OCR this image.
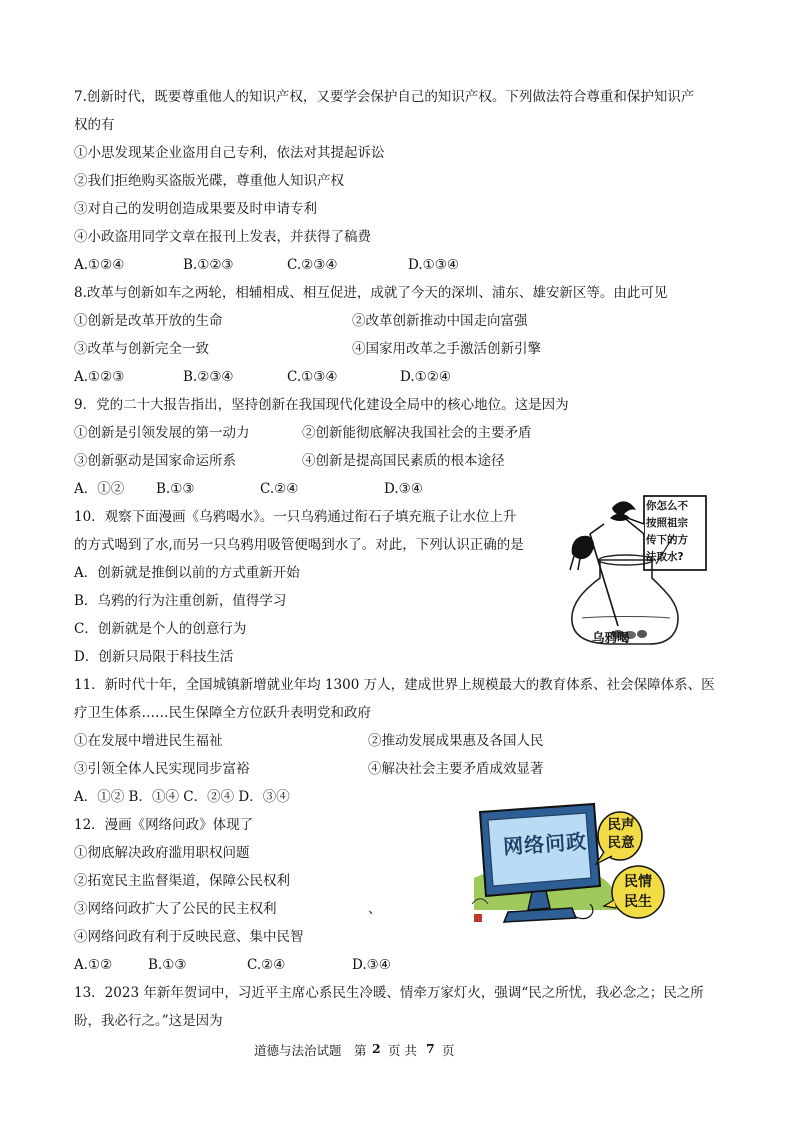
7.创新时代，既要尊重他人的知识产权，又要学会保护自己的知识产权。下列做法符合尊重和保护知识产
权的有
①小思发现某企业盗用自己专利，依法对其提起诉讼
②我们拒绝购买盗版光碟，尊重他人知识产权
③对自己的发明创造成果要及时申请专利
④小政盗用同学文章在报刊上发表，并获得了稿费
A.①②④	B.①②③	C.②③④	D.①③④
8.改革与创新如车之两轮，相辅相成、相互促进，成就了今天的深圳、浦东、雄安新区等。由此可见
①创新是改革开放的生命	②改革创新推动中国走向富强
③改革与创新完全一致	④国家用改革之手激活创新引擎
A.①②③	B.②③④	C.①③④	D.①②④
9．党的二十大报告指出，坚持创新在我国现代化建设全局中的核心地位。这是因为
①创新是引领发展的第一动力	②创新能彻底解决我国社会的主要矛盾
③创新驱动是国家命运所系	④创新是提高国民素质的根本途径
A．①② B.①③	C.②④	D.③④
10．观察下面漫画《乌鸦喝水》。一只乌鸦通过衔石子填充瓶子让水位上升
的方式喝到了水,而另一只乌鸦用吸管便喝到水了。对此，下列认识正确的是
A．创新就是推倒以前的方式重新开始
B．乌鸦的行为注重创新，值得学习
C．创新就是个人的创意行为
D．创新只局限于科技生活
你怎么不
按照祖宗
传下的方
法取水?
乌鸦喝
11．新时代十年，全国城镇新增就业年均 1300 万人，建成世界上规模最大的教育体系、社会保障体系、医
疗卫生体系……民生保障全方位跃升表明党和政府
①在发展中增进民生福祉	②推动发展成果惠及各国人民
③引领全体人民实现同步富裕	④解决社会主要矛盾成效显著
A．①② B．①④ C．②④ D．③④
12．漫画《网络问政》体现了
①彻底解决政府滥用职权问题
②拓宽民主监督渠道，保障公民权利
③网络问政扩大了公民的民主权利	、
④网络问政有利于反映民意、集中民智
A.①②	B.①③	C.②④	D.③④
网络问政
民声
民意
民情
民生
13．2023 年新年贺词中，习近平主席心系民生冷暖、情牵万家灯火，强调“民之所忧，我必念之；民之所
盼，我必行之。”这是因为
道德与法治试题 第 2 页 共 7 页
